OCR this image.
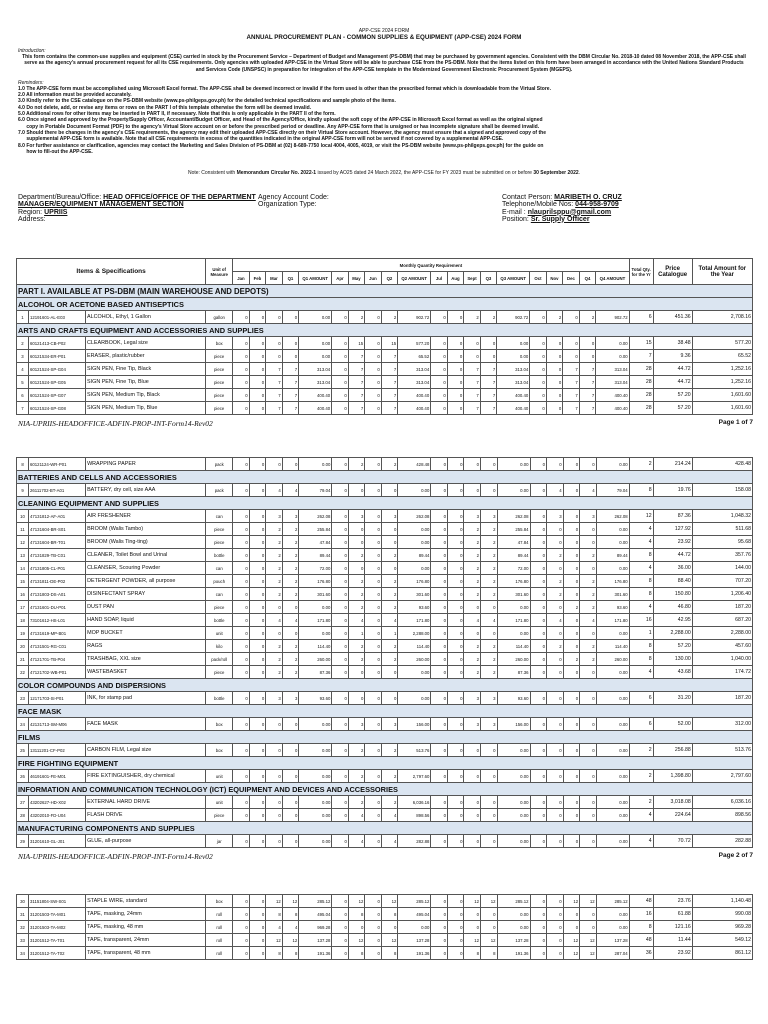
APP-CSE 2024 FORM
ANNUAL PROCUREMENT PLAN - COMMON SUPPLIES & EQUIPMENT (APP-CSE) 2024 FORM
Introduction:
This form contains the common-use supplies and equipment (CSE) carried in stock by the Procurement Service – Department of Budget and Management (PS-DBM) that may be purchased by government agencies. Consistent with the DBM Circular No. 2018-10 dated 08 November 2018, the APP-CSE shall serve as the agency's annual procurement request for all its CSE requirements. Only agencies with uploaded APP-CSE in the Virtual Store will be able to purchase CSE from the PS-DBM. Note that the items listed on this form have been arranged in accordance with the United Nations Standard Products and Services Code (UNSPSC) in preparation for integration of the APP-CSE template in the Modernized Government Electronic Procurement System (MGEPS).
Reminders:
1.0 The APP-CSE form must be accomplished using Microsoft Excel format. The APP-CSE shall be deemed incorrect or invalid if the form used is other than the prescribed format which is downloadable from the Virtual Store.
2.0 All information must be provided accurately.
3.0 Kindly refer to the CSE catalogue on the PS-DBM website (www.ps-philgeps.gov.ph) for the detailed technical specifications and sample photo of the items.
4.0 Do not delete, add, or revise any items or rows on the PART I of this template otherwise the form will be deemed invalid.
5.0 Additional rows for other items may be inserted in PART II, if necessary. Note that this is only applicable in the PART II of the form.
6.0 Once signed and approved by the Property/Supply Officer, Accountant/Budget Officer, and Head of the Agency/Office, kindly upload the soft copy of the APP-CSE in Microsoft Excel format as well as the original signed
copy in Portable Document Format (PDF) to the agency's Virtual Store account on or before the prescribed period or deadline. Any APP-CSE form that is unsigned or has incomplete signature shall be deemed invalid.
7.0 Should there be changes in the agency's CSE requirements, the agency may edit their uploaded APP-CSE directly on their Virtual Store account. However, the agency must ensure that a signed and approved copy of the
supplemental APP-CSE form is available. Note that all CSE requirements in excess of the quantities indicated in the original APP-CSE form will not be served if not covered by a supplemental APP-CSE.
8.0 For further assistance or clarification, agencies may contact the Marketing and Sales Division of PS-DBM at (02) 8-689-7750 local 4004, 4005, 4019, or visit the PS-DBM website (www.ps-philgeps.gov.ph) for the guide on
how to fill-out the APP-CSE.
Note: Consistent with Memorandum Circular No. 2022-1 issued by AO25 dated 24 March 2022, the APP-CSE for FY 2023 must be submitted on or before 30 September 2022.
Department/Bureau/Office: HEAD OFFICE/OFFICE OF THE DEPARTMENT MANAGER/EQUIPMENT MANAGEMENT SECTION
Region: UPRIIS
Address:
Agency Account Code:
Organization Type:
Contact Person: MARIBETH O. CRUZ
Telephone/Mobile Nos: 044-958-9709
E-mail : nlauprilsppu@gmail.com
Position: Sr. Supply Officer
Items & Specifications			Unit of Measure	Monthly Quantity Requirement																				Total Qty. for the Yr	Price Catalogue	Total Amount for the Year
				Jan	Feb	Mar	Q1	Q1 AMOUNT	Apr	May	Jun	Q2	Q2 AMOUNT	Jul	Aug	Sept	Q3	Q3 AMOUNT	Oct	Nov	Dec	Q4	Q4 AMOUNT			
PART I. AVAILABLE AT PS-DBM (MAIN WAREHOUSE AND DEPOTS)																										
ALCOHOL OR ACETONE BASED ANTISEPTICS																										
1	12191601-AL-E03	ALCOHOL, Ethyl, 1 Gallon	gallon	0	0	0	0	0.00	0	2	0	2	902.72	0	0	2	2	902.72	0	2	0	2	902.72	6	451.36	2,708.16
ARTS AND CRAFTS EQUIPMENT AND ACCESSORIES AND SUPPLIES																										
2	60121413-CB-P02	CLEARBOOK, Legal size	box	0	0	0	0	0.00	0	15	0	15	577.20	0	0	0	0	0.00	0	0	0	0	0.00	15	38.48	577.20
3	60121534-ER-P01	ERASER, plastic/rubber	piece	0	0	0	0	0.00	0	7	0	7	65.52	0	0	0	0	0.00	0	0	0	0	0.00	7	9.36	65.52
4	60121524-SP-G04	SIGN PEN, Fine Tip, Black	piece	0	0	7	7	313.04	0	7	0	7	313.04	0	0	7	7	313.04	0	0	7	7	313.04	28	44.72	1,252.16
5	60121524-SP-G05	SIGN PEN, Fine Tip, Blue	piece	0	0	7	7	313.04	0	7	0	7	313.04	0	0	7	7	313.04	0	0	7	7	313.04	28	44.72	1,252.16
6	60121524-SP-G07	SIGN PEN, Medium Tip, Black	piece	0	0	7	7	400.40	0	7	0	7	400.40	0	0	7	7	400.40	0	0	7	7	400.40	28	57.20	1,601.60
7	60121524-SP-G08	SIGN PEN, Medium Tip, Blue	piece	0	0	7	7	400.40	0	7	0	7	400.40	0	0	7	7	400.40	0	0	7	7	400.40	28	57.20	1,601.60
NIA-UPRIIS-HEADOFFICE-ADFIN-PROP-INT-Form14-Rev02	Page 1 of 7
8	60121124-WR-P01	WRAPPING PAPER	pack	0	0	0	0	0.00	0	2	0	2	428.48	0	0	0	0	0.00	0	0	0	0	0.00	2	214.24	428.48
BATTERIES AND CELLS AND ACCESSORIES																										
9	26111702-BT-A01	BATTERY, dry cell, size AAA	pack	0	0	4	4	79.04	0	0	0	0	0.00	0	0	0	0	0.00	0	4	0	4	79.04	8	19.76	158.08
CLEANING EQUIPMENT AND SUPPLIES																										
10	47131812-AF-A01	AIR FRESHENER	can	0	0	3	3	262.08	0	3	0	3	262.08	0	0	3	3	262.08	0	3	0	3	262.08	12	87.36	1,048.32
11	47131604-BR-S01	BROOM (Walis Tambo)	piece	0	0	2	2	255.84	0	0	0	0	0.00	0	0	2	2	255.84	0	0	0	0	0.00	4	127.92	511.68
12	47131604-BR-T01	BROOM (Walis Ting-ting)	piece	0	0	2	2	47.84	0	0	0	0	0.00	0	0	2	2	47.84	0	0	0	0	0.00	4	23.92	95.68
13	47131829-TB-C01	CLEANER, Toilet Bowl and Urinal	bottle	0	0	2	2	89.44	0	2	0	2	89.44	0	0	2	2	89.44	0	2	0	2	89.44	8	44.72	357.76
14	47131805-CL-P01	CLEANSER, Scouring Powder	can	0	0	2	2	72.00	0	0	0	0	0.00	0	0	2	2	72.00	0	0	0	0	0.00	4	36.00	144.00
15	47131811-DE-P02	DETERGENT POWDER, all purpose	pouch	0	0	2	2	176.80	0	2	0	2	176.80	0	0	2	2	176.80	0	2	0	2	176.80	8	88.40	707.20
16	47131803-DS-A01	DISINFECTANT SPRAY	can	0	0	2	2	301.60	0	2	0	2	301.60	0	0	2	2	301.60	0	2	0	2	301.60	8	150.80	1,206.40
17	47131601-DU-P01	DUST PAN	piece	0	0	0	0	0.00	0	2	0	2	93.60	0	0	0	0	0.00	0	0	2	2	93.60	4	46.80	187.20
18	73101612-HS-L01	HAND SOAP, liquid	bottle	0	0	4	4	171.80	0	4	0	4	171.80	0	0	4	4	171.80	0	4	0	4	171.80	16	42.95	687.20
19	47131619-MP-B01	MOP BUCKET	unit	0	0	0	0	0.00	0	1	0	1	2,288.00	0	0	0	0	0.00	0	0	0	0	0.00	1	2,288.00	2,288.00
20	47131501-RG-C01	RAGS	kilo	0	0	2	2	114.40	0	2	0	2	114.40	0	0	2	2	114.40	0	2	0	2	114.40	8	57.20	457.60
21	47121701-TB-P04	TRASHBAG, XXL size	pack/roll	0	0	2	2	260.00	0	2	0	2	260.00	0	0	2	2	260.00	0	0	2	2	260.00	8	130.00	1,040.00
22	47121702-WB-P01	WASTEBASKET	piece	0	0	2	2	87.36	0	0	0	0	0.00	0	0	2	2	87.36	0	0	0	0	0.00	4	43.68	174.72
COLOR COMPOUNDS AND DISPERSIONS																										
23	12171703-SI-P01	INK, for stamp pad	bottle	0	0	3	3	93.60	0	0	0	0	0.00	0	0	3	3	93.60	0	0	0	0	0.00	6	31.20	187.20
FACE MASK																										
24	42131713-SM-M06	FACE MASK	box	0	0	0	0	0.00	0	3	0	3	156.00	0	0	3	3	156.00	0	0	0	0	0.00	6	52.00	312.00
FILMS																										
25	13111201-CF-P02	CARBON FILM, Legal size	box	0	0	0	0	0.00	0	2	0	2	513.76	0	0	0	0	0.00	0	0	0	0	0.00	2	256.88	513.76
FIRE FIGHTING EQUIPMENT																										
26	46191601-FE-M01	FIRE EXTINGUISHER, dry chemical	unit	0	0	0	0	0.00	0	2	0	2	2,797.60	0	0	0	0	0.00	0	0	0	0	0.00	2	1,398.80	2,797.60
INFORMATION AND COMMUNICATION TECHNOLOGY (ICT) EQUIPMENT AND DEVICES AND ACCESSORIES																										
27	43202627-HD-X02	EXTERNAL HARD DRIVE	unit	0	0	0	0	0.00	0	2	0	2	6,036.16	0	0	0	0	0.00	0	0	0	0	0.00	2	3,018.08	6,036.16
28	43202010-FD-U04	FLASH DRIVE	piece	0	0	0	0	0.00	0	4	0	4	898.56	0	0	0	0	0.00	0	0	0	0	0.00	4	224.64	898.56
MANUFACTURING COMPONENTS AND SUPPLIES																										
29	31201610-GL-J01	GLUE, all-purpose	jar	0	0	0	0	0.00	0	4	0	4	282.88	0	0	0	0	0.00	0	0	0	0	0.00	4	70.72	282.88
NIA-UPRIIS-HEADOFFICE-ADFIN-PROP-INT-Form14-Rev02	Page 2 of 7
30	31151804-SW-S01	STAPLE WIRE, standard	box	0	0	12	12	285.12	0	12	0	12	285.12	0	0	12	12	285.12	0	0	12	12	285.12	48	23.76	1,140.48
31	31201503-TA-M01	TAPE, masking, 24mm	roll	0	0	8	8	495.04	0	8	0	8	495.04	0	0	0	0	0.00	0	0	0	0	0.00	16	61.88	990.08
32	31201503-TA-M02	TAPE, masking, 48 mm	roll	0	0	4	4	969.28	0	0	0	0	0.00	0	0	0	0	0.00	0	0	0	0	0.00	8	121.16	969.28
33	31201512-TA-T01	TAPE, transparent, 24mm	roll	0	0	12	12	137.28	0	12	0	12	137.28	0	0	12	12	137.28	0	0	12	12	137.28	48	11.44	549.12
34	31201512-TA-T02	TAPE, transparent, 48 mm	roll	0	0	8	8	191.36	0	8	0	8	191.36	0	0	8	8	191.36	0	0	12	12	287.04	36	23.92	861.12
